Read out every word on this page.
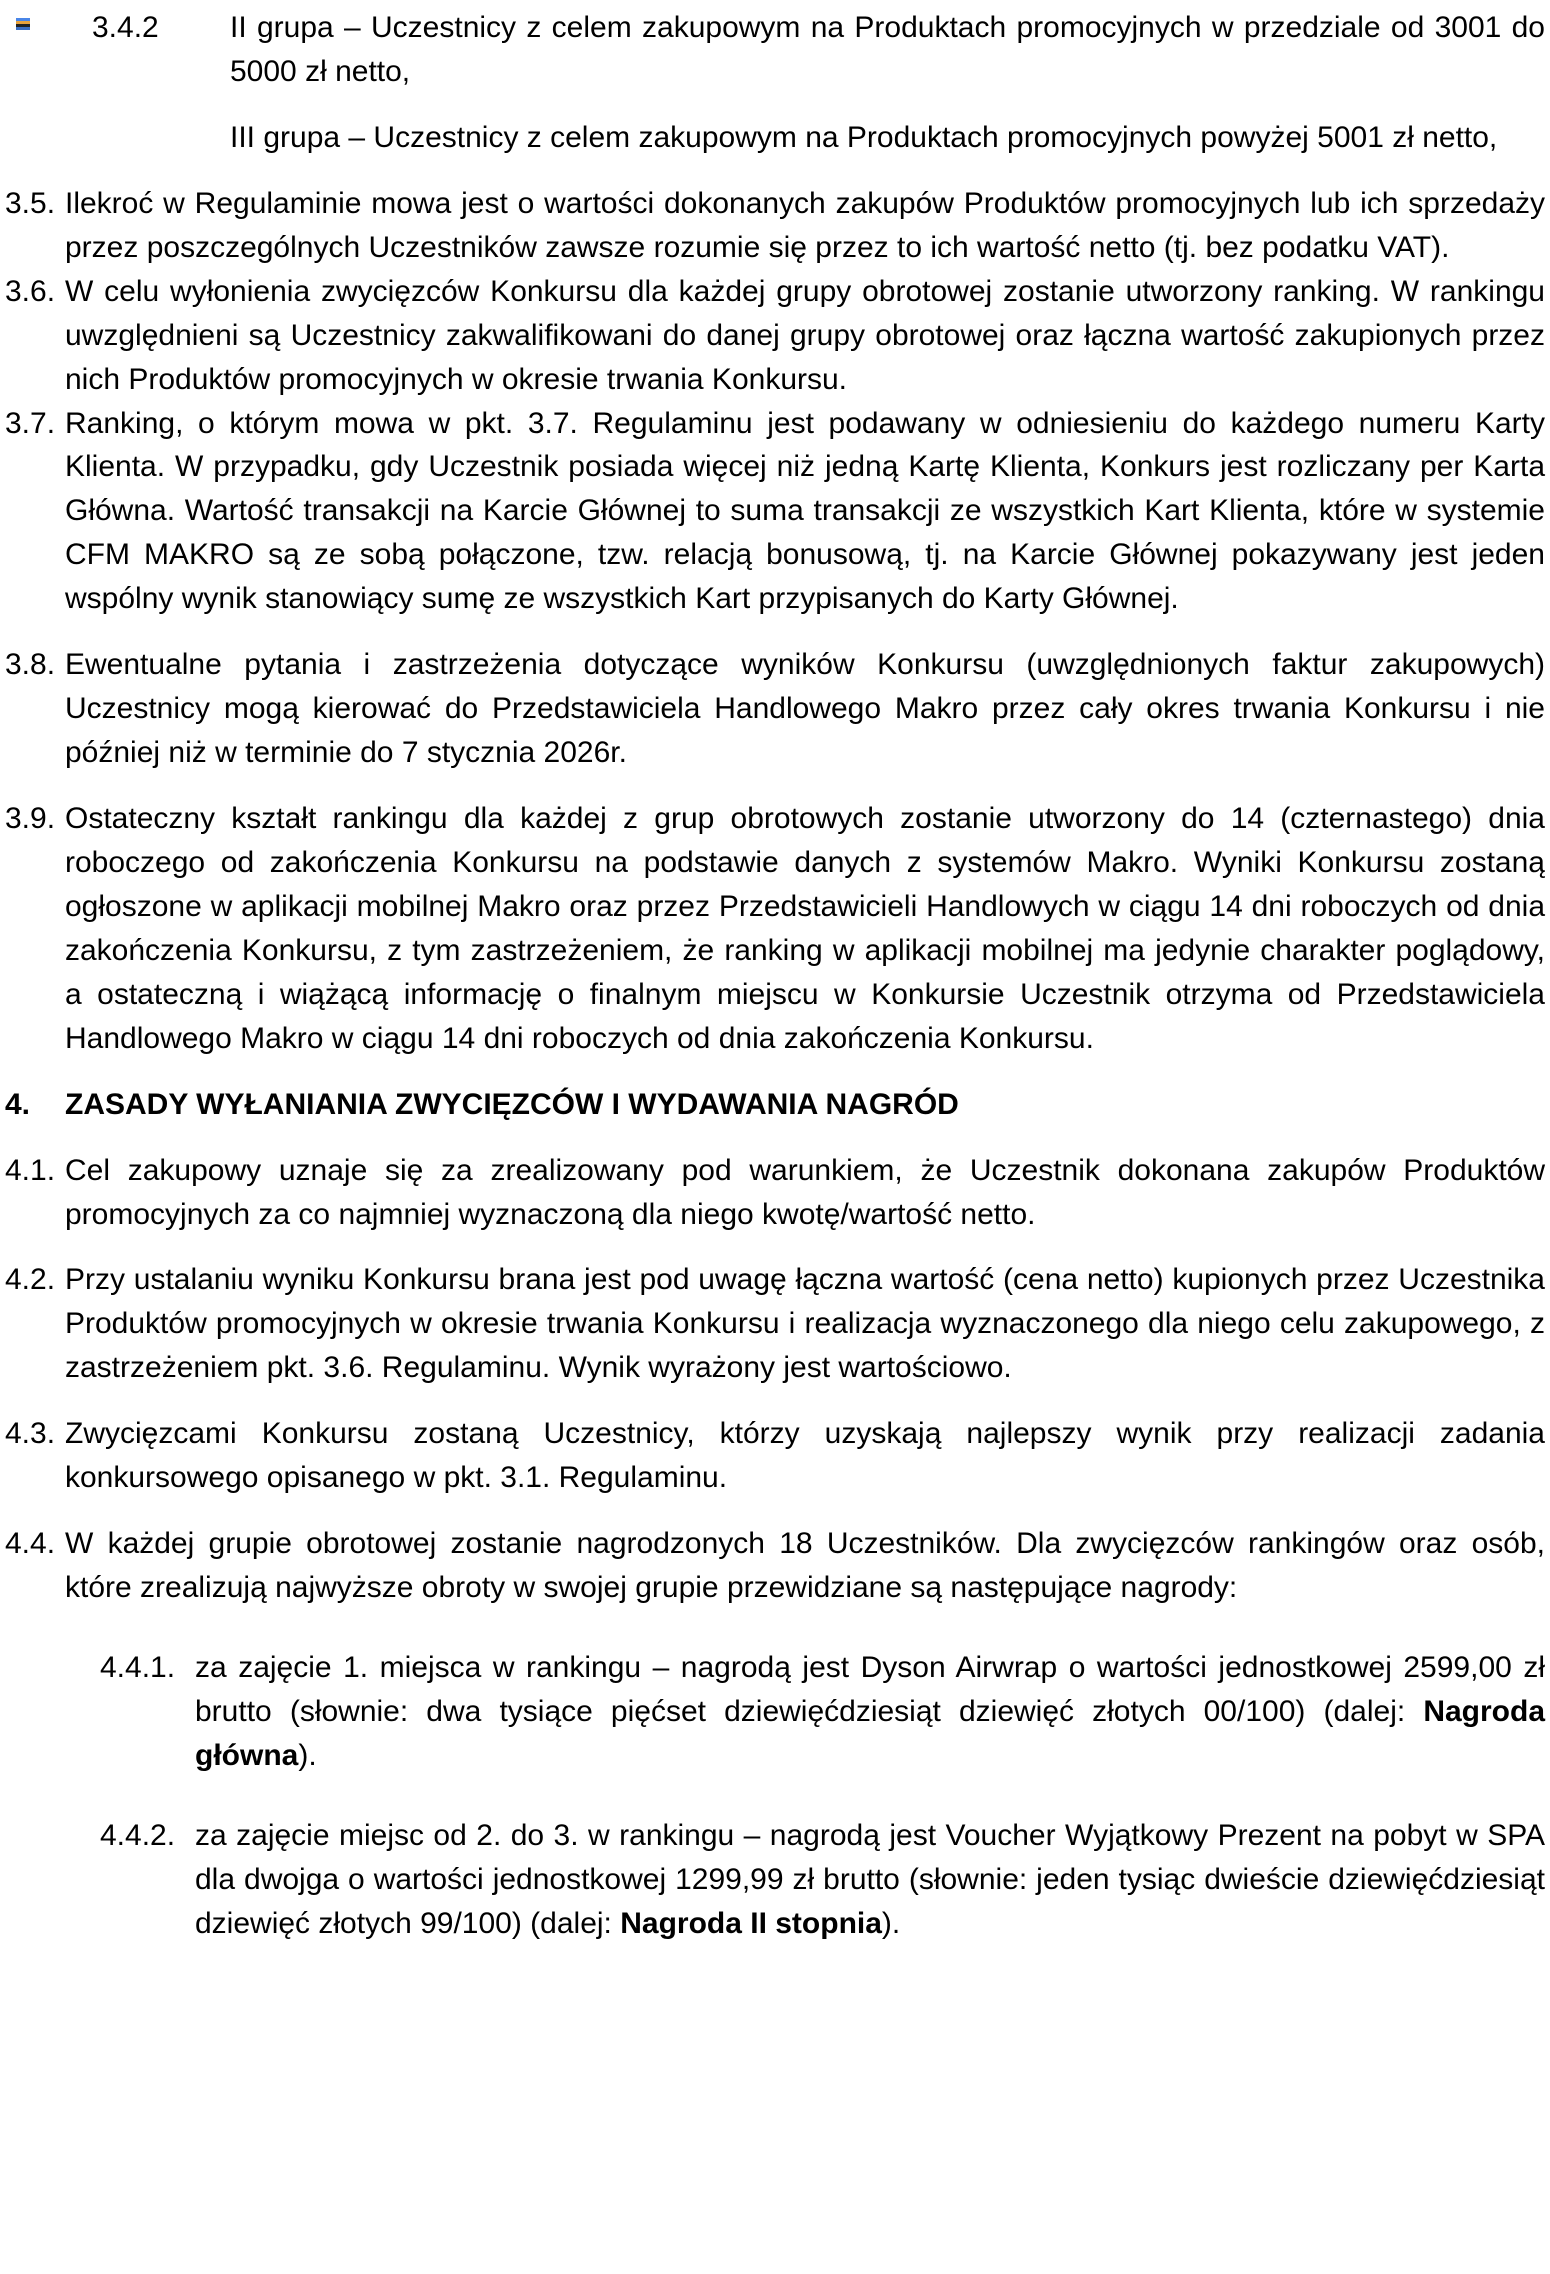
3.4.2	II grupa – Uczestnicy z celem zakupowym na Produktach promocyjnych w przedziale od 3001 do 5000 zł netto,

III grupa – Uczestnicy z celem zakupowym na Produktach promocyjnych powyżej 5001 zł netto,

3.5. Ilekroć w Regulaminie mowa jest o wartości dokonanych zakupów Produktów promocyjnych lub ich sprzedaży przez poszczególnych Uczestników zawsze rozumie się przez to ich wartość netto (tj. bez podatku VAT).

3.6. W celu wyłonienia zwycięzców Konkursu dla każdej grupy obrotowej zostanie utworzony ranking. W rankingu uwzględnieni są Uczestnicy zakwalifikowani do danej grupy obrotowej oraz łączna wartość zakupionych przez nich Produktów promocyjnych w okresie trwania Konkursu.

3.7. Ranking, o którym mowa w pkt. 3.7. Regulaminu jest podawany w odniesieniu do każdego numeru Karty Klienta. W przypadku, gdy Uczestnik posiada więcej niż jedną Kartę Klienta, Konkurs jest rozliczany per Karta Główna. Wartość transakcji na Karcie Głównej to suma transakcji ze wszystkich Kart Klienta, które w systemie CFM MAKRO są ze sobą połączone, tzw. relacją bonusową, tj. na Karcie Głównej pokazywany jest jeden wspólny wynik stanowiący sumę ze wszystkich Kart przypisanych do Karty Głównej.

3.8. Ewentualne pytania i zastrzeżenia dotyczące wyników Konkursu (uwzględnionych faktur zakupowych) Uczestnicy mogą kierować do Przedstawiciela Handlowego Makro przez cały okres trwania Konkursu i nie później niż w terminie do 7 stycznia 2026r.

3.9. Ostateczny kształt rankingu dla każdej z grup obrotowych zostanie utworzony do 14 (czternastego) dnia roboczego od zakończenia Konkursu na podstawie danych z systemów Makro. Wyniki Konkursu zostaną ogłoszone w aplikacji mobilnej Makro oraz przez Przedstawicieli Handlowych w ciągu 14 dni roboczych od dnia zakończenia Konkursu, z tym zastrzeżeniem, że ranking w aplikacji mobilnej ma jedynie charakter poglądowy, a ostateczną i wiążącą informację o finalnym miejscu w Konkursie Uczestnik otrzyma od Przedstawiciela Handlowego Makro w ciągu 14 dni roboczych od dnia zakończenia Konkursu.

4.	ZASADY WYŁANIANIA ZWYCIĘZCÓW I WYDAWANIA NAGRÓD

4.1. Cel zakupowy uznaje się za zrealizowany pod warunkiem, że Uczestnik dokonana zakupów Produktów promocyjnych za co najmniej wyznaczoną dla niego kwotę/wartość netto.

4.2. Przy ustalaniu wyniku Konkursu brana jest pod uwagę łączna wartość (cena netto) kupionych przez Uczestnika Produktów promocyjnych w okresie trwania Konkursu i realizacja wyznaczonego dla niego celu zakupowego, z zastrzeżeniem pkt. 3.6. Regulaminu. Wynik wyrażony jest wartościowo.

4.3. Zwycięzcami Konkursu zostaną Uczestnicy, którzy uzyskają najlepszy wynik przy realizacji zadania konkursowego opisanego w pkt. 3.1. Regulaminu.

4.4. W każdej grupie obrotowej zostanie nagrodzonych 18 Uczestników. Dla zwycięzców rankingów oraz osób, które zrealizują najwyższe obroty w swojej grupie przewidziane są następujące nagrody:

4.4.1. za zajęcie 1. miejsca w rankingu – nagrodą jest Dyson Airwrap o wartości jednostkowej 2599,00 zł brutto (słownie: dwa tysiące pięćset dziewięćdziesiąt dziewięć złotych 00/100) (dalej: Nagroda główna).

4.4.2. za zajęcie miejsc od 2. do 3. w rankingu – nagrodą jest Voucher Wyjątkowy Prezent na pobyt w SPA dla dwojga o wartości jednostkowej 1299,99 zł brutto (słownie: jeden tysiąc dwieście dziewięćdziesiąt dziewięć złotych 99/100) (dalej: Nagroda II stopnia).
